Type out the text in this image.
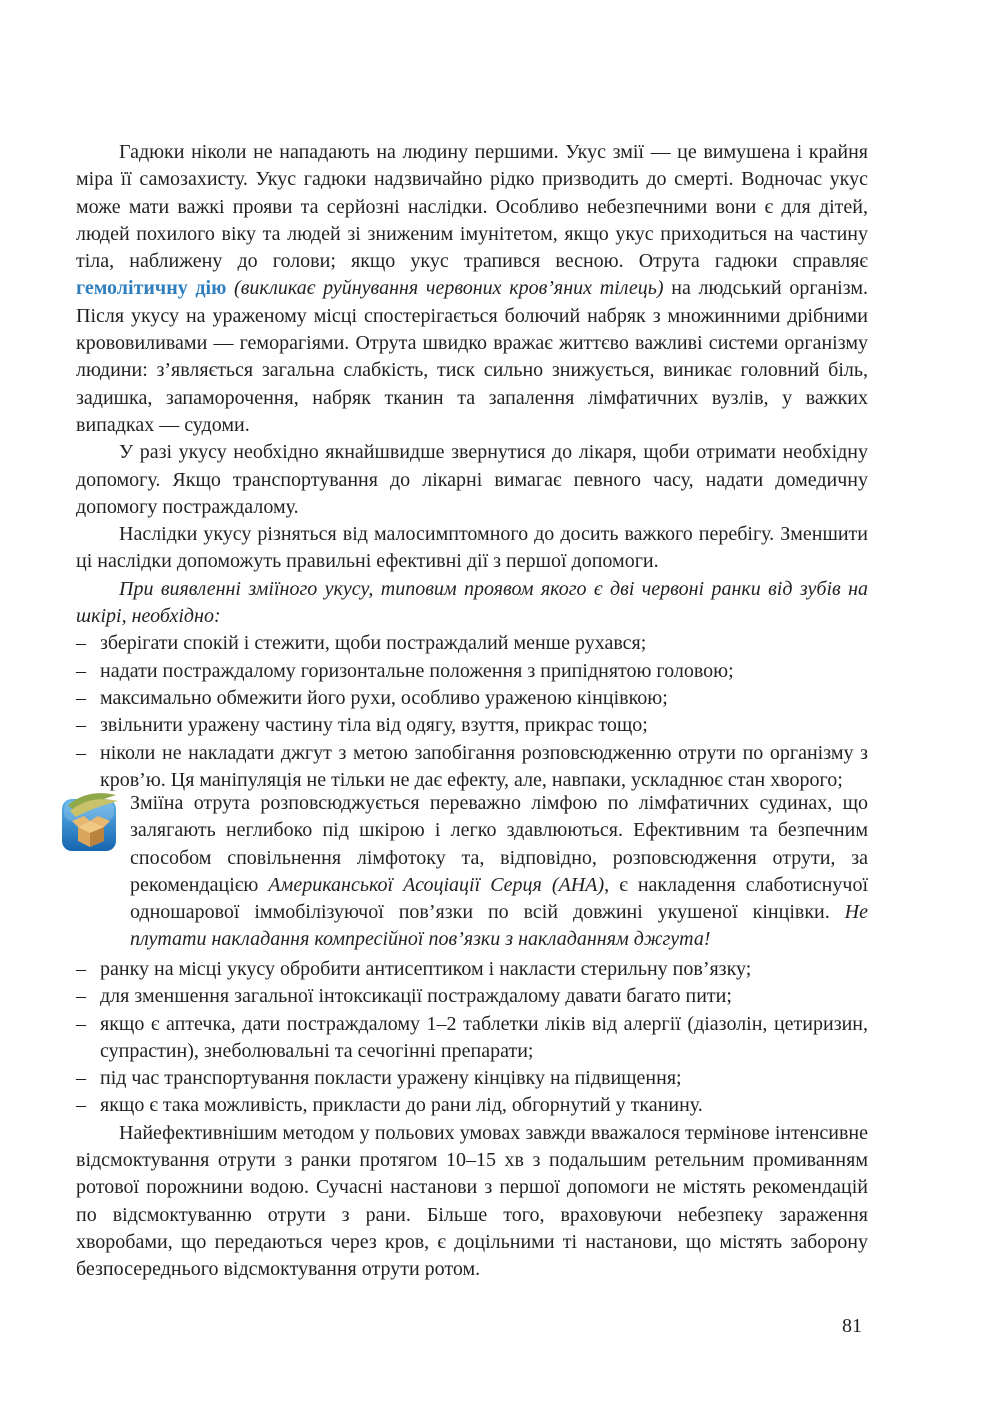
Гадюки ніколи не нападають на людину першими. Укус змії — це вимушена і крайня міра її самозахисту. Укус гадюки надзвичайно рідко призводить до смерті. Водночас укус може мати важкі прояви та серйозні наслідки. Особливо небезпечними вони є для дітей, людей похилого віку та людей зі зниженим імунітетом, якщо укус приходиться на частину тіла, наближену до голови; якщо укус трапився весною. Отрута гадюки справляє гемолітичну дію (викликає руйнування червоних кров’яних тілець) на людський організм. Після укусу на ураженому місці спостерігається болючий набряк з множинними дрібними крововиливами — геморагіями. Отрута швидко вражає життєво важливі системи організму людини: з’являється загальна слабкість, тиск сильно знижується, виникає головний біль, задишка, запаморочення, набряк тканин та запалення лімфатичних вузлів, у важких випадках — судоми.

У разі укусу необхідно якнайшвидше звернутися до лікаря, щоби отримати необхідну допомогу. Якщо транспортування до лікарні вимагає певного часу, надати домедичну допомогу постраждалому.

Наслідки укусу різняться від малосимптомного до досить важкого перебігу. Зменшити ці наслідки допоможуть правильні ефективні дії з першої допомоги.

При виявленні зміїного укусу, типовим проявом якого є дві червоні ранки від зубів на шкірі, необхідно:

– зберігати спокій і стежити, щоби постраждалий менше рухався;
– надати постраждалому горизонтальне положення з припіднятою головою;
– максимально обмежити його рухи, особливо ураженою кінцівкою;
– звільнити уражену частину тіла від одягу, взуття, прикрас тощо;
– ніколи не накладати джгут з метою запобігання розповсюдженню отрути по організму з кров’ю. Ця маніпуляція не тільки не дає ефекту, але, навпаки, ускладнює стан хворого;

Зміїна отрута розповсюджується переважно лімфою по лімфатичних судинах, що залягають неглибоко під шкірою і легко здавлюються. Ефективним та безпечним способом сповільнення лімфотоку та, відповідно, розповсюдження отрути, за рекомендацією Американської Асоціації Серця (АНА), є накладення слаботиснучої одношарової іммобілізуючої пов’язки по всій довжині укушеної кінцівки. Не плутати накладання компресійної пов’язки з накладанням джгута!

– ранку на місці укусу обробити антисептиком і накласти стерильну пов’язку;
– для зменшення загальної інтоксикації постраждалому давати багато пити;
– якщо є аптечка, дати постраждалому 1–2 таблетки ліків від алергії (діазолін, цетиризин, супрастин), знеболювальні та сечогінні препарати;
– під час транспортування покласти уражену кінцівку на підвищення;
– якщо є така можливість, прикласти до рани лід, обгорнутий у тканину.

Найефективнішим методом у польових умовах завжди вважалося термінове інтенсивне відсмоктування отрути з ранки протягом 10–15 хв з подальшим ретельним промиванням ротової порожнини водою. Сучасні настанови з першої допомоги не містять рекомендацій по відсмоктуванню отрути з рани. Більше того, враховуючи небезпеку зараження хворобами, що передаються через кров, є доцільними ті настанови, що містять заборону безпосереднього відсмоктування отрути ротом.

81
